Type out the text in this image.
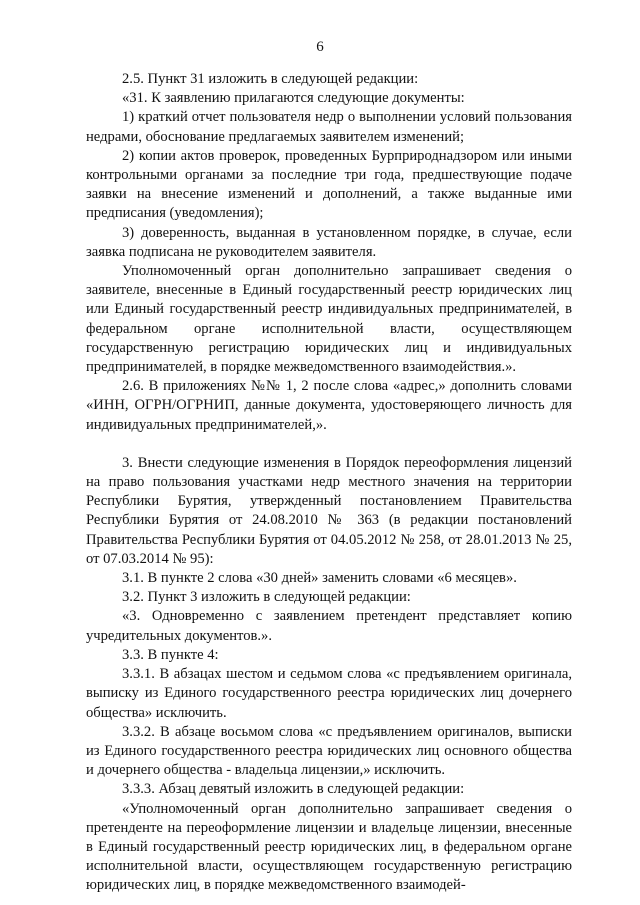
6

2.5. Пункт 31 изложить в следующей редакции:

«31. К заявлению прилагаются следующие документы:

1) краткий отчет пользователя недр о выполнении условий пользования недрами, обоснование предлагаемых заявителем изменений;

2) копии актов проверок, проведенных Бурприроднадзором или иными контрольными органами за последние три года, предшествующие подаче заявки на внесение изменений и дополнений, а также выданные ими предписания (уведомления);

3) доверенность, выданная в установленном порядке, в случае, если заявка подписана не руководителем заявителя.

Уполномоченный орган дополнительно запрашивает сведения о заявителе, внесенные в Единый государственный реестр юридических лиц или Единый государственный реестр индивидуальных предпринимателей, в федеральном органе исполнительной власти, осуществляющем государственную регистрацию юридических лиц и индивидуальных предпринимателей, в порядке межведомственного взаимодействия.».

2.6. В приложениях №№ 1, 2 после слова «адрес,» дополнить словами «ИНН, ОГРН/ОГРНИП, данные документа, удостоверяющего личность для индивидуальных предпринимателей,».

3. Внести следующие изменения в Порядок переоформления лицензий на право пользования участками недр местного значения на территории Республики Бурятия, утвержденный постановлением Правительства Республики Бурятия от 24.08.2010 № 363 (в редакции постановлений Правительства Республики Бурятия от 04.05.2012 № 258, от 28.01.2013 № 25, от 07.03.2014 № 95):

3.1. В пункте 2 слова «30 дней» заменить словами «6 месяцев».

3.2. Пункт 3 изложить в следующей редакции:

«3. Одновременно с заявлением претендент представляет копию учредительных документов.».

3.3. В пункте 4:

3.3.1. В абзацах шестом и седьмом слова «с предъявлением оригинала, выписку из Единого государственного реестра юридических лиц дочернего общества» исключить.

3.3.2. В абзаце восьмом слова «с предъявлением оригиналов, выписки из Единого государственного реестра юридических лиц основного общества и дочернего общества - владельца лицензии,» исключить.

3.3.3. Абзац девятый изложить в следующей редакции:

«Уполномоченный орган дополнительно запрашивает сведения о претенденте на переоформление лицензии и владельце лицензии, внесенные в Единый государственный реестр юридических лиц, в федеральном органе исполнительной власти, осуществляющем государственную регистрацию юридических лиц, в порядке межведомственного взаимодей-
